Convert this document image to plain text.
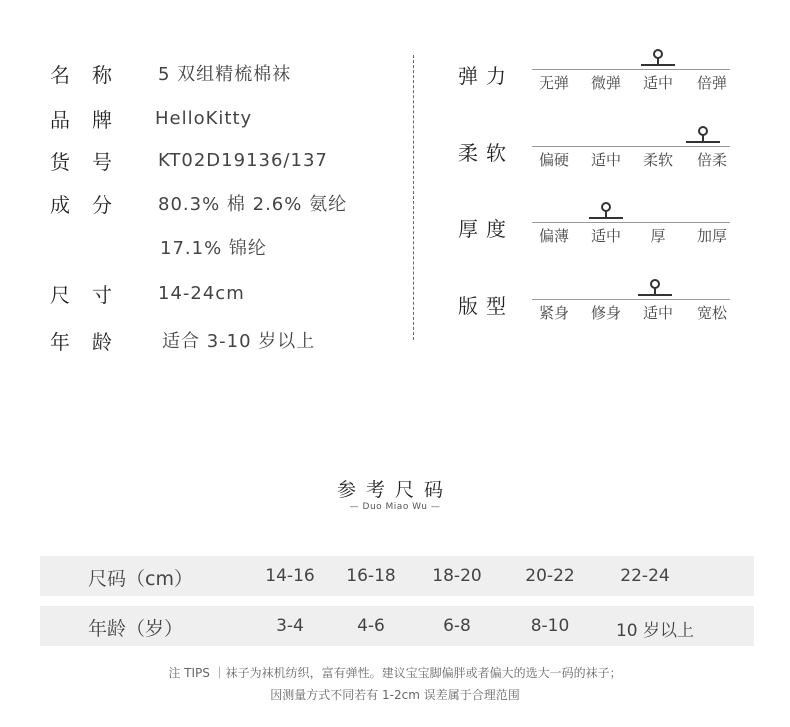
名称	5 双组精梳棉袜
品牌	HelloKitty
货号	KT02D19136/137
成分	80.3% 棉 2.6% 氨纶
17.1% 锦纶
尺寸	14-24cm
年龄	适合 3-10 岁以上
弹力	无弹	微弹	适中	倍弹
柔软	偏硬	适中	柔软	倍柔
厚度	偏薄	适中	厚	加厚
版型	紧身	修身	适中	宽松
参考尺码
— Duo Miao Wu —
尺码（cm）	14-16	16-18	18-20	20-22	22-24
年龄（岁）	3-4	4-6	6-8	8-10	10 岁以上
注 TIPS ｜袜子为袜机纺织，富有弹性。建议宝宝脚偏胖或者偏大的选大一码的袜子；
因测量方式不同若有 1-2cm 误差属于合理范围
